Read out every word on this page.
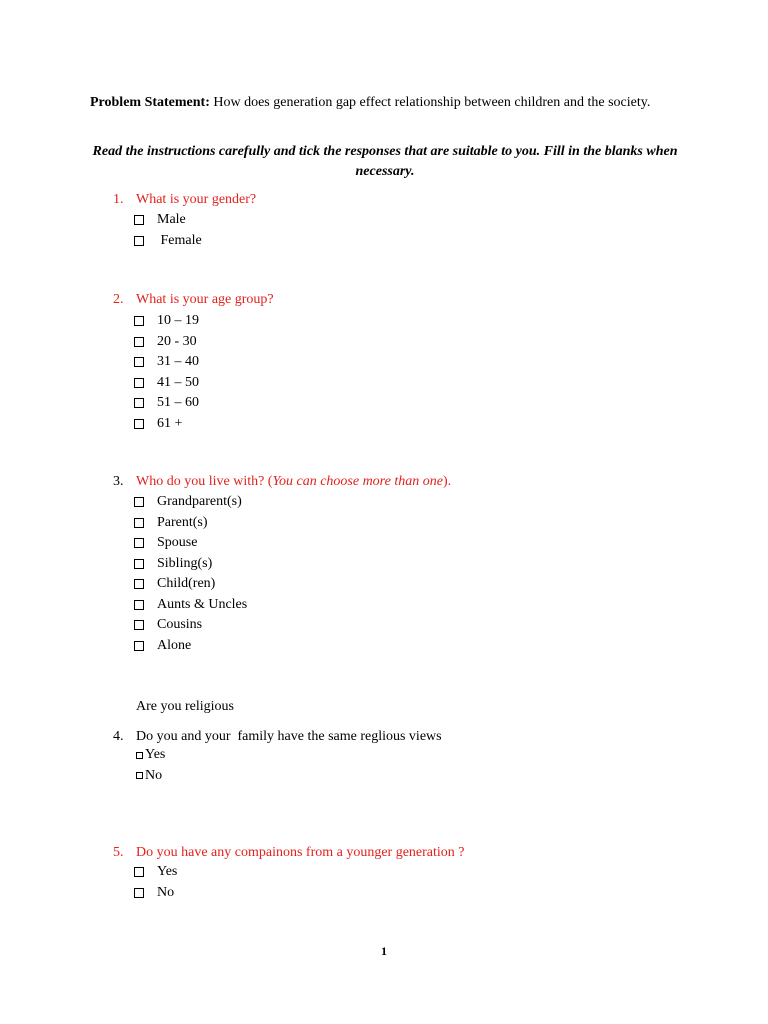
Problem Statement: How does generation gap effect relationship between children and the society.

Read the instructions carefully and tick the responses that are suitable to you. Fill in the blanks when necessary.

1. What is your gender?
Male
Female
2. What is your age group?
10 – 19
20 - 30
31 – 40
41 – 50
51 – 60
61 +
3. Who do you live with? (You can choose more than one).
Grandparent(s)
Parent(s)
Spouse
Sibling(s)
Child(ren)
Aunts & Uncles
Cousins
Alone
Are you religious
4. Do you and your  family have the same reglious views
Yes
No
5. Do you have any compainons from a younger generation ?
Yes
No
1
